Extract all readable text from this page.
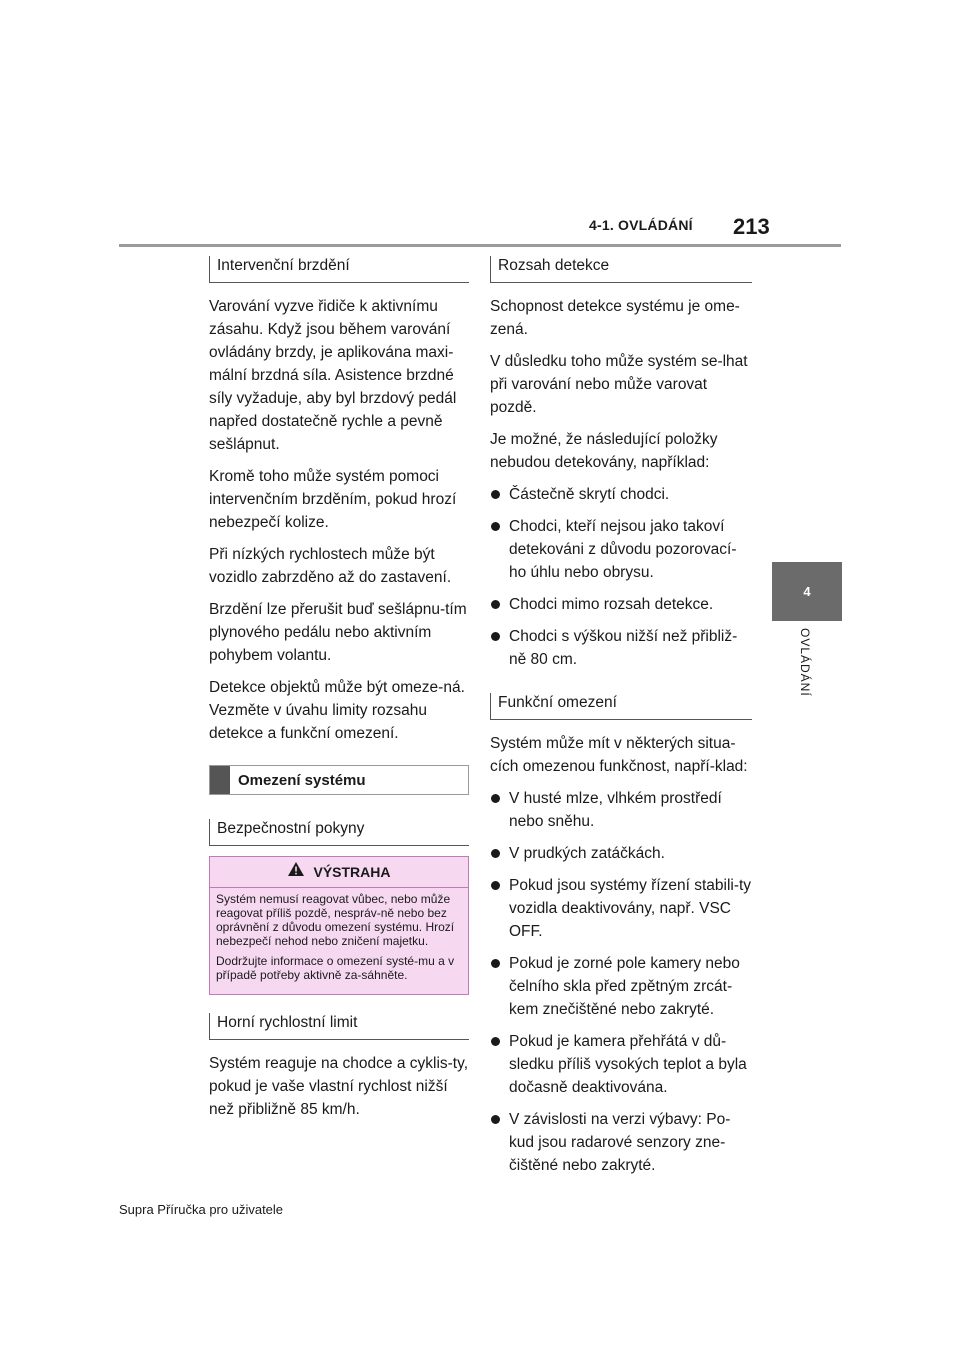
4-1. OVLÁDÁNÍ 213
4
OVLÁDÁNÍ
Intervenční brzdění

Varování vyzve řidiče k aktivnímu zásahu. Když jsou během varování ovládány brzdy, je aplikována maxi-mální brzdná síla. Asistence brzdné síly vyžaduje, aby byl brzdový pedál napřed dostatečně rychle a pevně sešlápnut.

Kromě toho může systém pomoci intervenčním brzděním, pokud hrozí nebezpečí kolize.

Při nízkých rychlostech může být vozidlo zabrzděno až do zastavení.

Brzdění lze přerušit buď sešlápnu-tím plynového pedálu nebo aktivním pohybem volantu.

Detekce objektů může být omeze-ná. Vezměte v úvahu limity rozsahu detekce a funkční omezení.

Omezení systému
Bezpečnostní pokyny
VÝSTRAHA

Systém nemusí reagovat vůbec, nebo může reagovat příliš pozdě, nespráv-ně nebo bez oprávnění z důvodu omezení systému. Hrozí nebezpečí nehod nebo zničení majetku.

Dodržujte informace o omezení systé-mu a v případě potřeby aktivně za-sáhněte.

Horní rychlostní limit

Systém reaguje na chodce a cyklis-ty, pokud je vaše vlastní rychlost nižší než přibližně 85 km/h.

Rozsah detekce

Schopnost detekce systému je ome-zená.

V důsledku toho může systém se-lhat při varování nebo může varovat pozdě.

Je možné, že následující položky nebudou detekovány, například:

Částečně skrytí chodci.
Chodci, kteří nejsou jako takoví detekováni z důvodu pozorovací-ho úhlu nebo obrysu.
Chodci mimo rozsah detekce.
Chodci s výškou nižší než přibliž-ně 80 cm.
Funkční omezení

Systém může mít v některých situa-cích omezenou funkčnost, napří-klad:

V husté mlze, vlhkém prostředí nebo sněhu.
V prudkých zatáčkách.
Pokud jsou systémy řízení stabili-ty vozidla deaktivovány, např. VSC OFF.
Pokud je zorné pole kamery nebo čelního skla před zpětným zrcát-kem znečištěné nebo zakryté.
Pokud je kamera přehřátá v dů-sledku příliš vysokých teplot a byla dočasně deaktivována.
V závislosti na verzi výbavy: Po-kud jsou radarové senzory zne-čištěné nebo zakryté.
Supra Příručka pro uživatele
